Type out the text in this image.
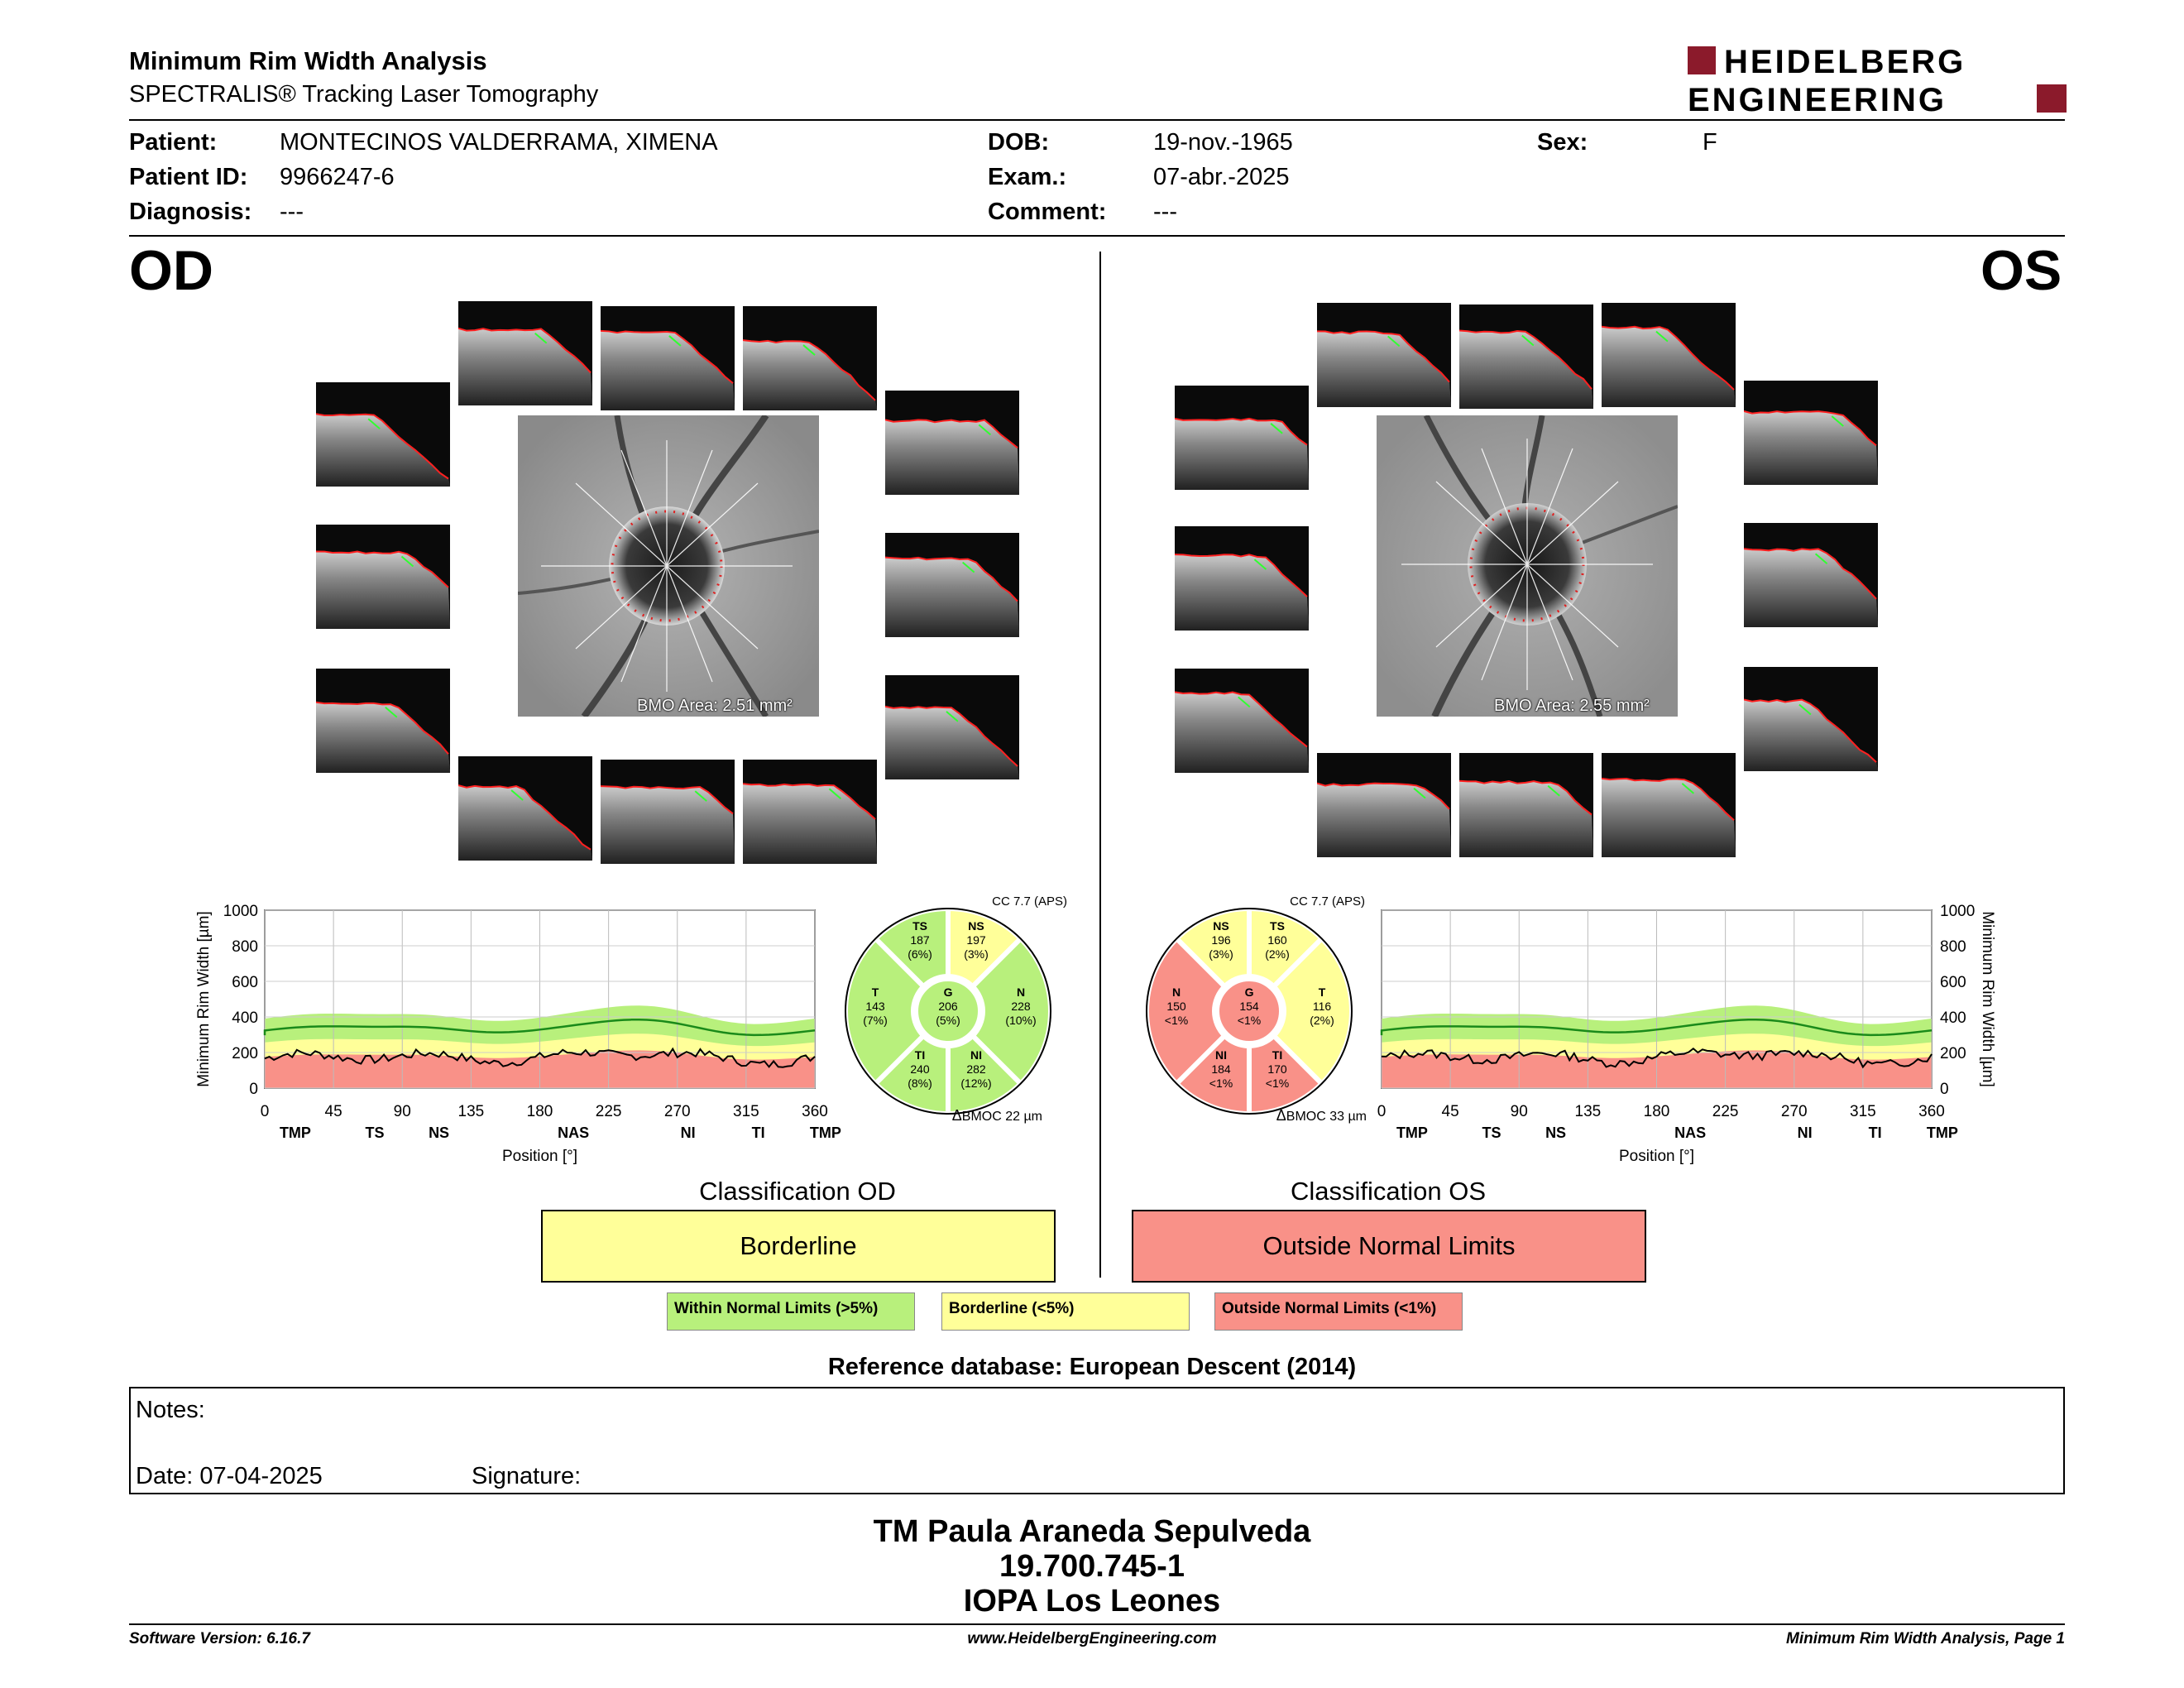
Minimum Rim Width Analysis
SPECTRALIS® Tracking Laser Tomography
HEIDELBERG
ENGINEERING
Patient:	MONTECINOS VALDERRAMA, XIMENA
Patient ID: 9966247-6
Diagnosis: ---
DOB:	19-nov.-1965
Exam.:	07-abr.-2025
Comment: ---
Sex:	F
OD	OS
BMO Area: 2.51 mm²	BMO Area: 2.55 mm²
0
200
400
600
800
1000
0	45	90	135	180	225	270	315	360
TMP	TS	NS	NAS	NI	TI	TMP
Position [°]
Minimum Rim Width [µm]
0
200
400
600
800
1000
0	45	90	135	180	225	270	315	360
TMP	TS	NS	NAS	NI	TI	TMP
Position [°]
Minimum Rim Width [µm]
CC 7.7 (APS)
TS
187
(6%)
NS
197
(3%)
T
143
(7%)
N
228
(10%)
G
206
(5%)
TI
240
(8%)
NI
282
(12%)
ΔBMOC 22 µm
CC 7.7 (APS)
NS
196
(3%)
TS
160
(2%)
N
150
<1%
T
116
(2%)
G
154
<1%
NI
184
<1%
TI
170
<1%
ΔBMOC 33 µm
Classification OD
Borderline
Classification OS
Outside Normal Limits
Within Normal Limits (>5%)	Borderline (<5%)	Outside Normal Limits (<1%)
Reference database: European Descent (2014)
Notes:
Date: 07-04-2025	Signature:
TM Paula Araneda Sepulveda
19.700.745-1
IOPA Los Leones
Software Version: 6.16.7	www.HeidelbergEngineering.com	Minimum Rim Width Analysis, Page 1
